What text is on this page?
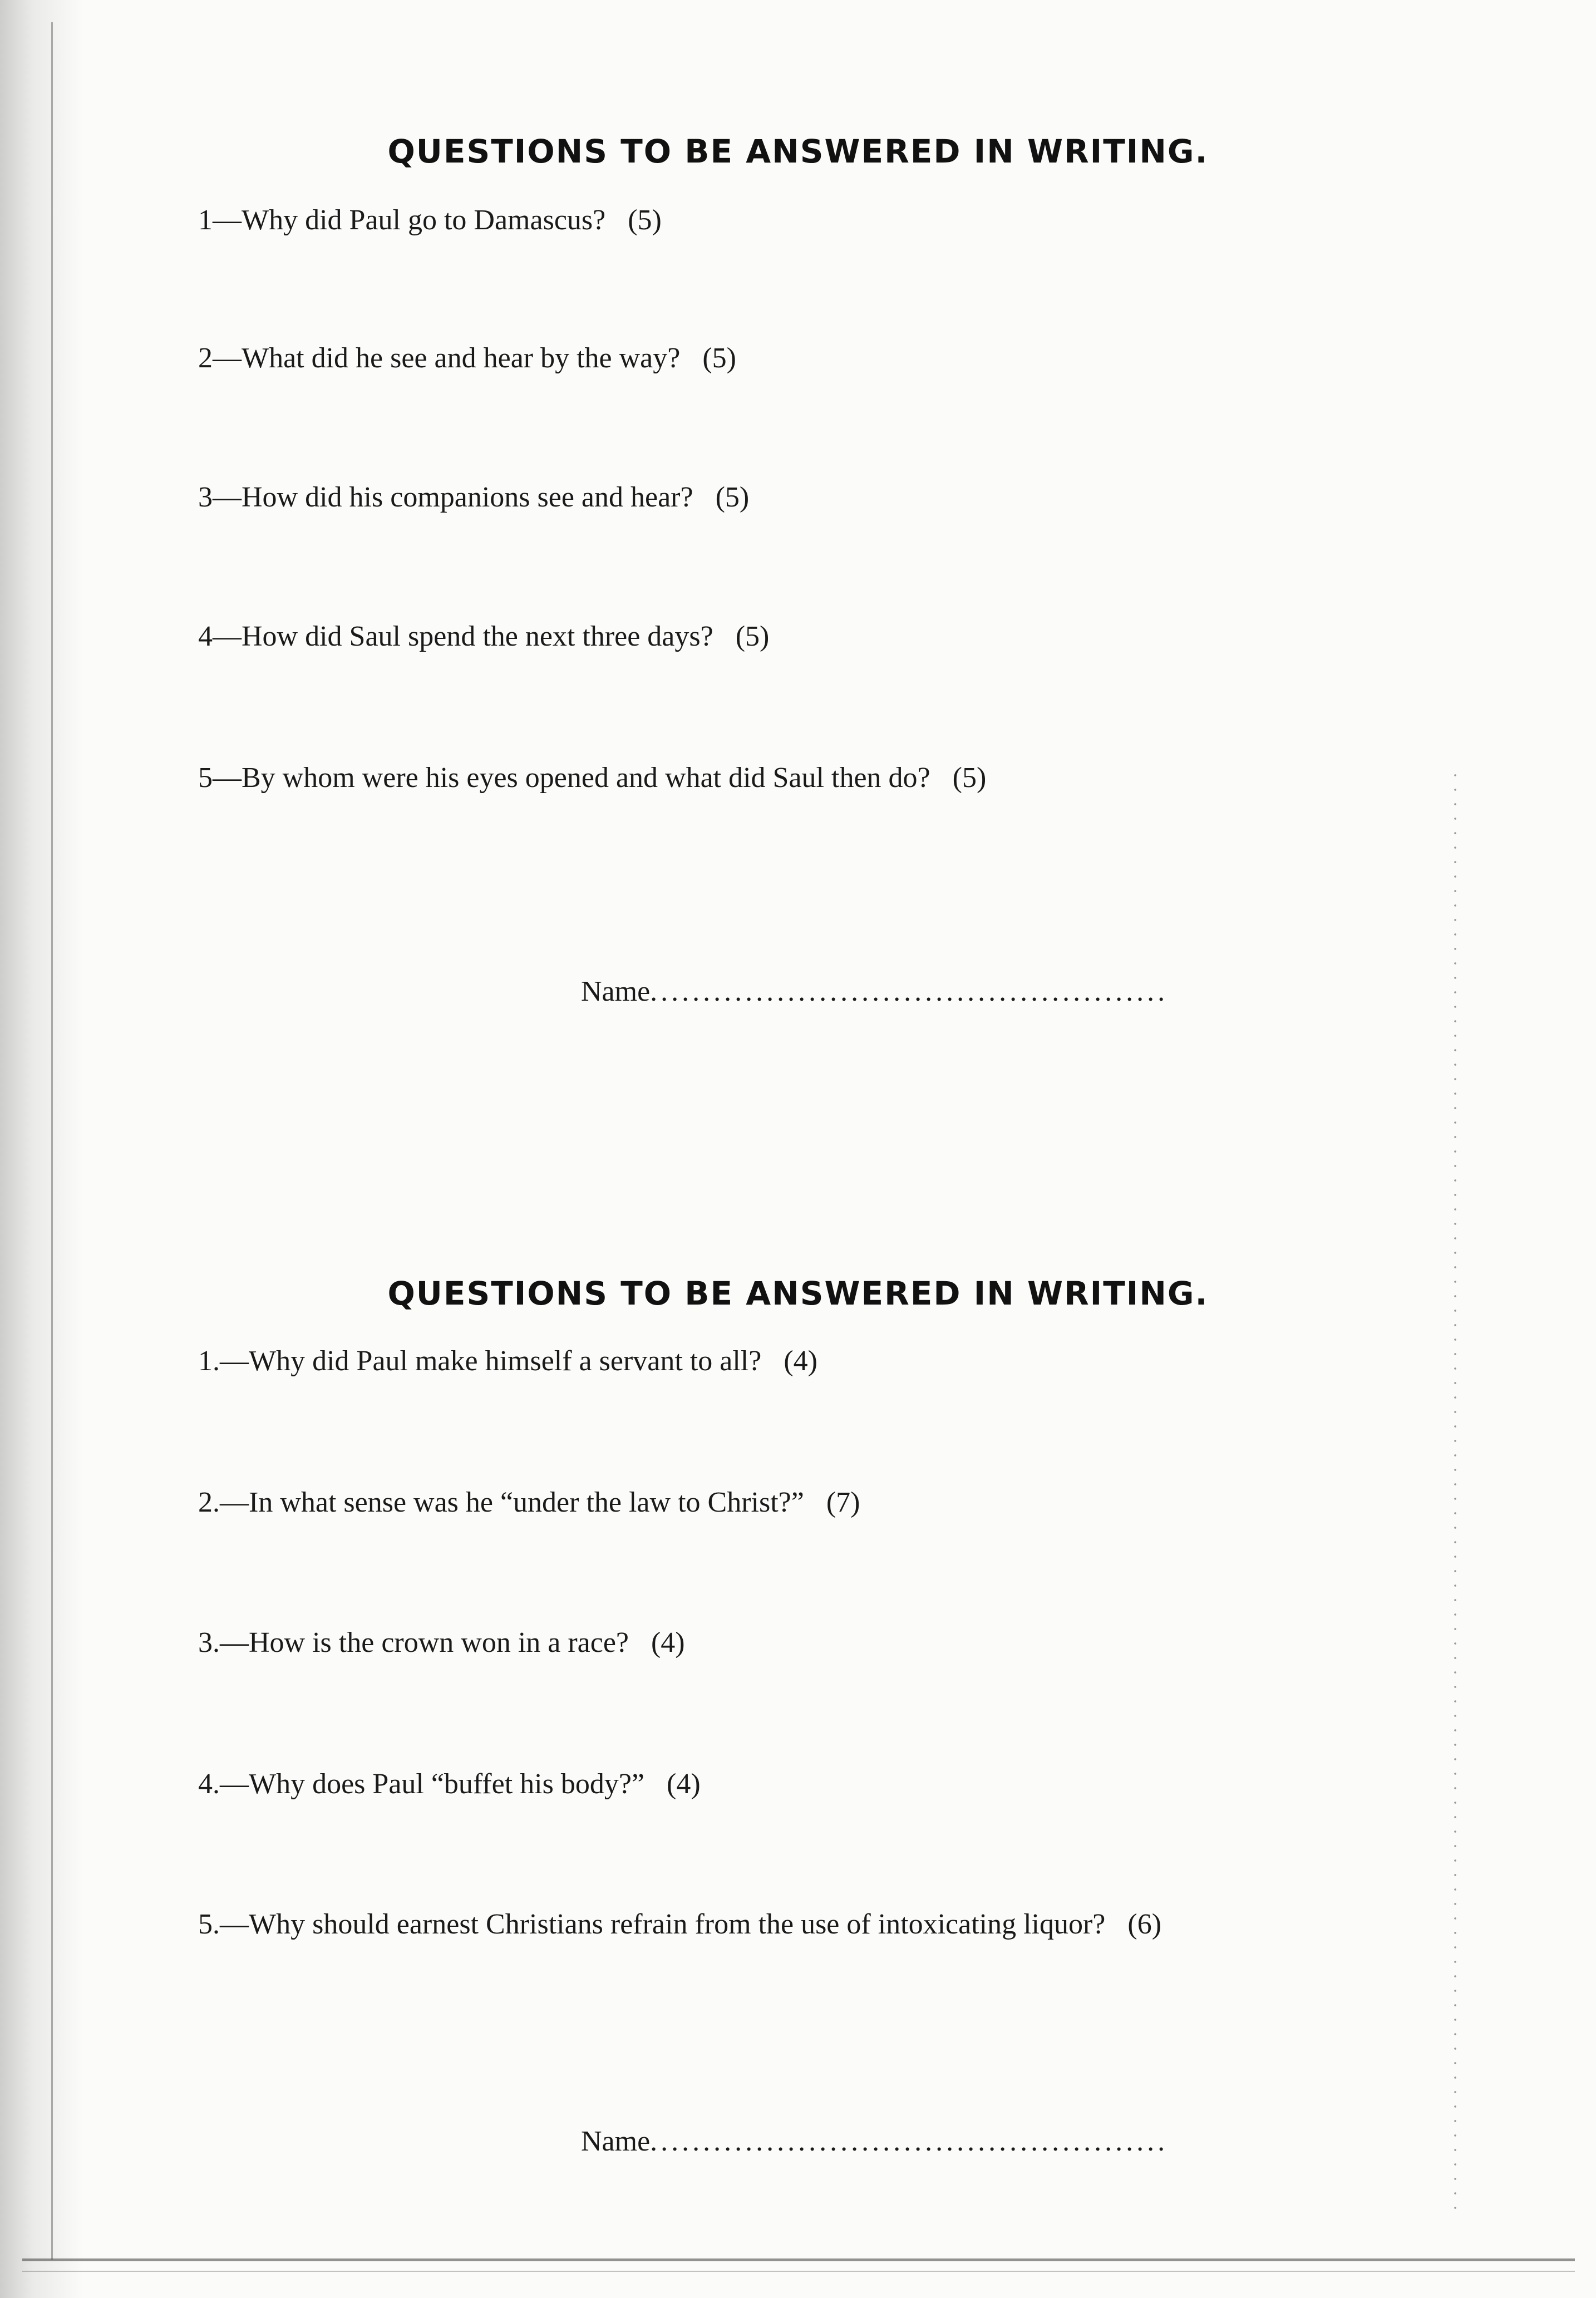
QUESTIONS TO BE ANSWERED IN WRITING.

1—Why did Paul go to Damascus? (5)

2—What did he see and hear by the way? (5)

3—How did his companions see and hear? (5)

4—How did Saul spend the next three days? (5)

5—By whom were his eyes opened and what did Saul then do? (5)

Name.................................................
QUESTIONS TO BE ANSWERED IN WRITING.

1.—Why did Paul make himself a servant to all? (4)

2.—In what sense was he “under the law to Christ?” (7)

3.—How is the crown won in a race? (4)

4.—Why does Paul “buffet his body?” (4)

5.—Why should earnest Christians refrain from the use of intoxicating liquor? (6)

Name.................................................
